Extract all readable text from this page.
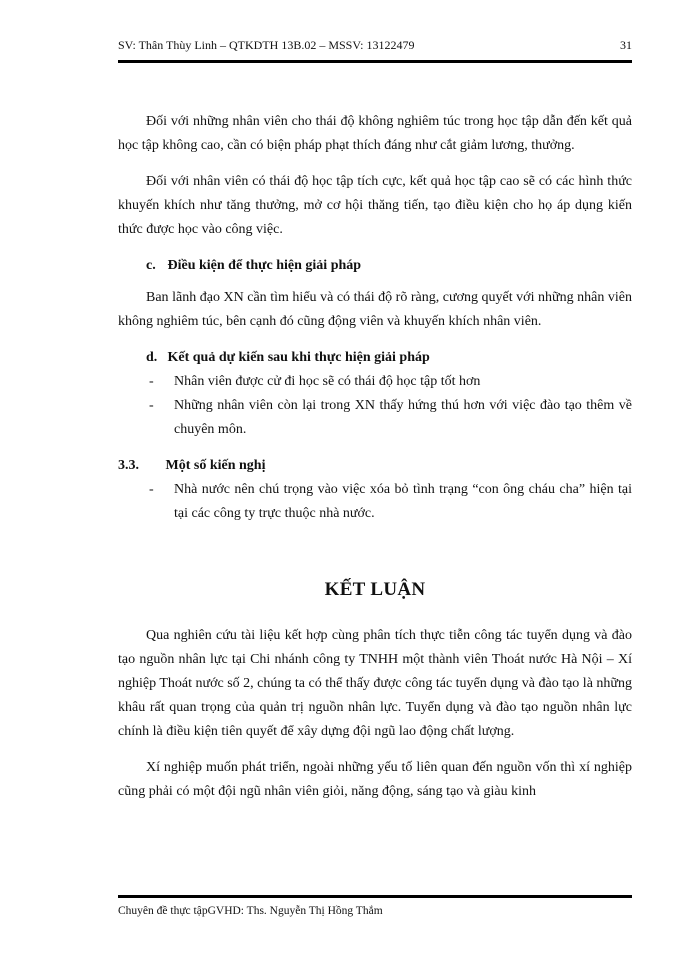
SV: Thân Thùy Linh – QTKDTH 13B.02 – MSSV: 13122479	31

Đối với những nhân viên cho thái độ không nghiêm túc trong học tập dẫn đến kết quả học tập không cao, cần có biện pháp phạt thích đáng như cắt giảm lương, thưởng.

Đối với nhân viên có thái độ học tập tích cực, kết quả học tập cao sẽ có các hình thức khuyến khích như tăng thưởng, mở cơ hội thăng tiến, tạo điều kiện cho họ áp dụng kiến thức được học vào công việc.

c. Điều kiện để thực hiện giải pháp

Ban lãnh đạo XN cần tìm hiểu và có thái độ rõ ràng, cương quyết với những nhân viên không nghiêm túc, bên cạnh đó cũng động viên và khuyến khích nhân viên.

d. Kết quả dự kiến sau khi thực hiện giải pháp
- Nhân viên được cử đi học sẽ có thái độ học tập tốt hơn
- Những nhân viên còn lại trong XN thấy hứng thú hơn với việc đào tạo thêm về chuyên môn.
3.3. Một số kiến nghị
- Nhà nước nên chú trọng vào việc xóa bỏ tình trạng “con ông cháu cha” hiện tại tại các công ty trực thuộc nhà nước.
KẾT LUẬN

Qua nghiên cứu tài liệu kết hợp cùng phân tích thực tiễn công tác tuyển dụng và đào tạo nguồn nhân lực tại Chi nhánh công ty TNHH một thành viên Thoát nước Hà Nội – Xí nghiệp Thoát nước số 2, chúng ta có thể thấy được công tác tuyển dụng và đào tạo là những khâu rất quan trọng của quản trị nguồn nhân lực. Tuyển dụng và đào tạo nguồn nhân lực chính là điều kiện tiên quyết để xây dựng đội ngũ lao động chất lượng.

Xí nghiệp muốn phát triển, ngoài những yếu tố liên quan đến nguồn vốn thì xí nghiệp cũng phải có một đội ngũ nhân viên giỏi, năng động, sáng tạo và giàu kinh

Chuyên đề thực tậpGVHD: Ths. Nguyễn Thị Hồng Thắm
